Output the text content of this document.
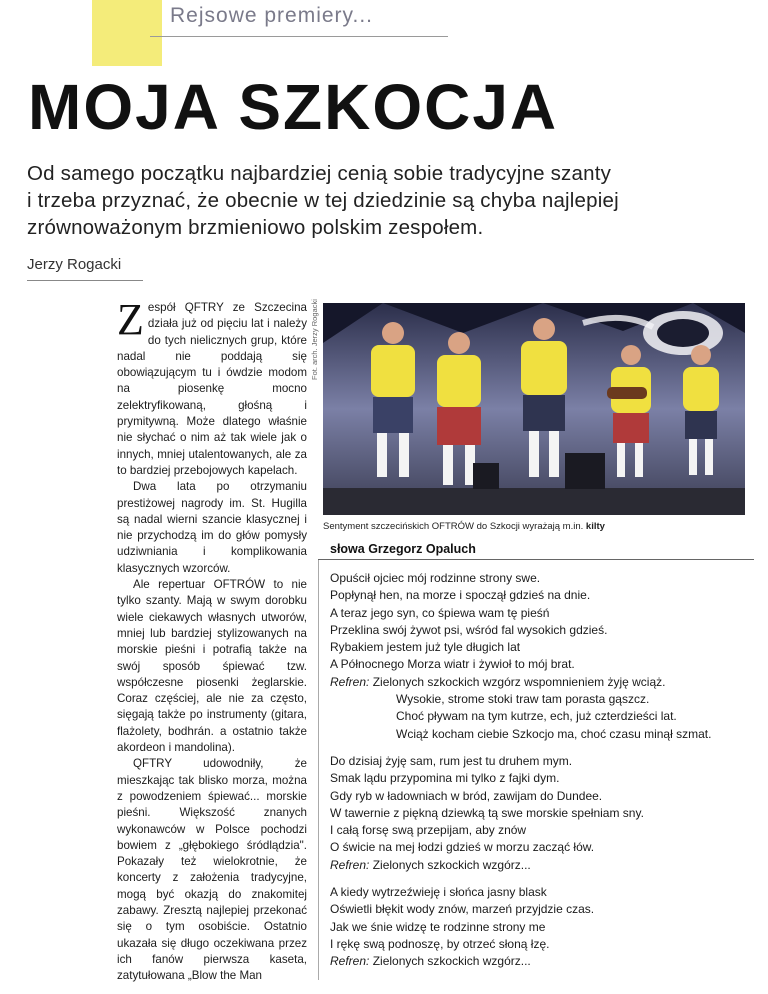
Rejsowe premiery...
MOJA SZKOCJA
Od samego początku najbardziej cenią sobie tradycyjne szanty
i trzeba przyznać, że obecnie w tej dziedzinie są chyba najlepiej
zrównoważonym brzmieniowo polskim zespołem.
Jerzy Rogacki

Zespół QFTRY ze Szczecina działa już od pięciu lat i należy do tych nielicznych grup, które nadal nie poddają się obowiązującym tu i ówdzie modom na piosenkę mocno zelektryfikowaną, głośną i prymitywną. Może dlatego właśnie nie słychać o nim aż tak wiele jak o innych, mniej utalentowanych, ale za to bardziej przebojowych kapelach.

Dwa lata po otrzymaniu prestiżowej nagrody im. St. Hugilla są nadal wierni szancie klasycznej i nie przychodzą im do głów pomysły udziwniania i komplikowania klasycznych wzorców.

Ale repertuar OFTRÓW to nie tylko szanty. Mają w swym dorobku wiele ciekawych własnych utworów, mniej lub bardziej stylizowanych na morskie pieśni i potrafią także na swój sposób śpiewać tzw. współczesne piosenki żeglarskie. Coraz częściej, ale nie za często, sięgają także po instrumenty (gitara, flażolety, bodhrán. a ostatnio także akordeon i mandolina).

QFTRY udowodniły, że mieszkając tak blisko morza, można z powodzeniem śpiewać... morskie pieśni. Większość znanych wykonawców w Polsce pochodzi bowiem z „głębokiego śródlądzia". Pokazały też wielokrotnie, że koncerty z założenia tradycyjne, mogą być okazją do znakomitej zabawy. Zresztą najlepiej przekonać się o tym osobiście. Ostatnio ukazała się długo oczekiwana przez ich fanów pierwsza kaseta, zatytułowana „Blow the Man

Fot. arch. Jerzy Rogacki
Sentyment szczecińskich OFTRÓW do Szkocji wyrażają m.in. kilty
słowa Grzegorz Opaluch
Opuścił ojciec mój rodzinne strony swe.
Popłynął hen, na morze i spoczął gdzieś na dnie.
A teraz jego syn, co śpiewa wam tę pieśń
Przeklina swój żywot psi, wśród fal wysokich gdzieś.
Rybakiem jestem już tyle długich lat
A Północnego Morza wiatr i żywioł to mój brat.
Refren: Zielonych szkockich wzgórz wspomnieniem żyję wciąż.
Wysokie, strome stoki traw tam porasta gąszcz.
Choć pływam na tym kutrze, ech, już czterdzieści lat.
Wciąż kocham ciebie Szkocjo ma, choć czasu minął szmat.
Do dzisiaj żyję sam, rum jest tu druhem mym.
Smak lądu przypomina mi tylko z fajki dym.
Gdy ryb w ładowniach w bród, zawijam do Dundee.
W tawernie z piękną dziewką tą swe morskie spełniam sny.
I całą forsę swą przepijam, aby znów
O świcie na mej łodzi gdzieś w morzu zacząć łów.
Refren: Zielonych szkockich wzgórz...
A kiedy wytrzeźwieję i słońca jasny blask
Oświetli błękit wody znów, marzeń przyjdzie czas.
Jak we śnie widzę te rodzinne strony me
I rękę swą podnoszę, by otrzeć słoną łzę.
Refren: Zielonych szkockich wzgórz...
